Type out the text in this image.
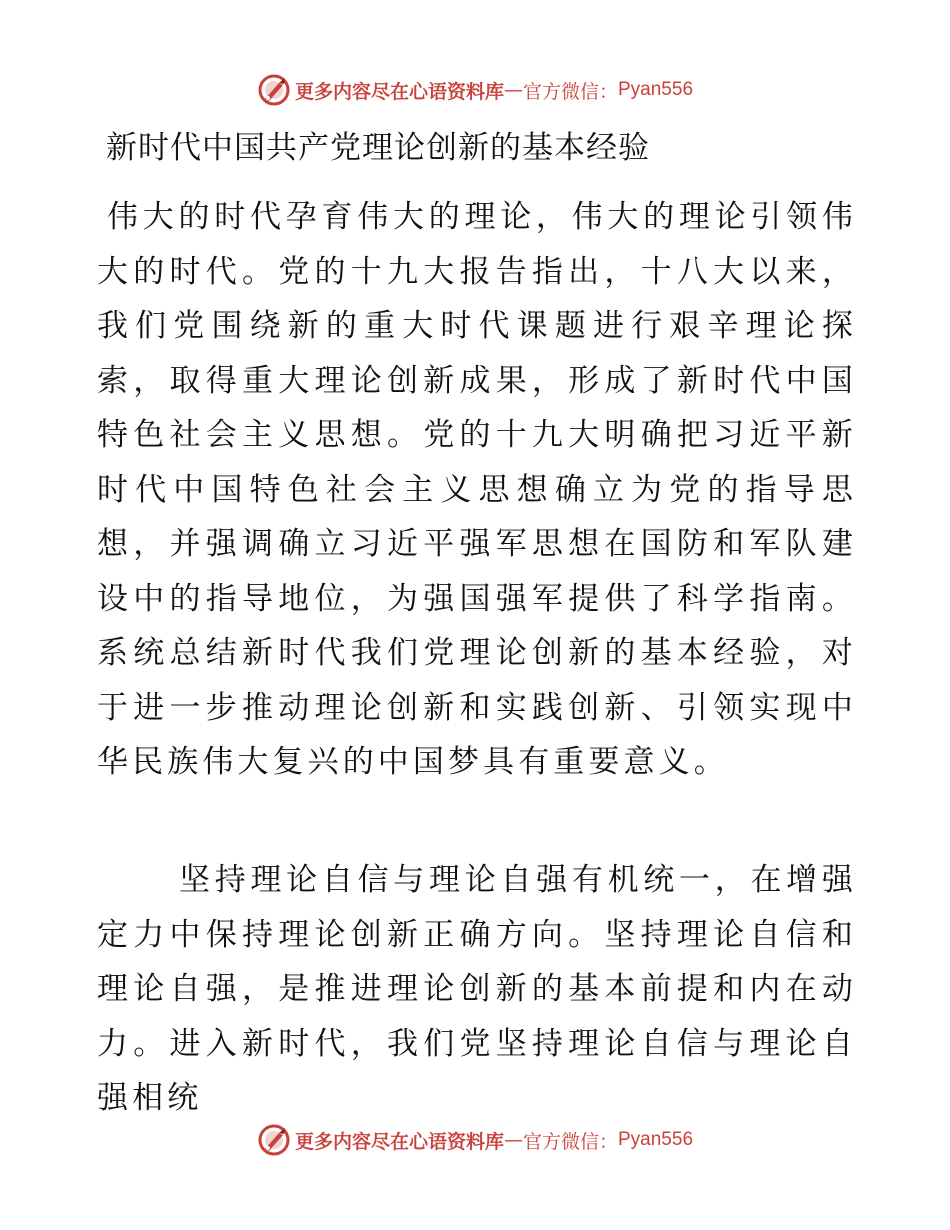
更多内容尽在心语资料库 — 官方微信： Pyan556
新时代中国共产党理论创新的基本经验

伟大的时代孕育伟大的理论，伟大的理论引领伟大的时代。党的十九大报告指出，十八大以来，我们党围绕新的重大时代课题进行艰辛理论探索，取得重大理论创新成果，形成了新时代中国特色社会主义思想。党的十九大明确把习近平新时代中国特色社会主义思想确立为党的指导思想，并强调确立习近平强军思想在国防和军队建设中的指导地位，为强国强军提供了科学指南。系统总结新时代我们党理论创新的基本经验，对于进一步推动理论创新和实践创新、引领实现中华民族伟大复兴的中国梦具有重要意义。

坚持理论自信与理论自强有机统一，在增强定力中保持理论创新正确方向。坚持理论自信和理论自强，是推进理论创新的基本前提和内在动力。进入新时代，我们党坚持理论自信与理论自强相统

更多内容尽在心语资料库 — 官方微信： Pyan556
